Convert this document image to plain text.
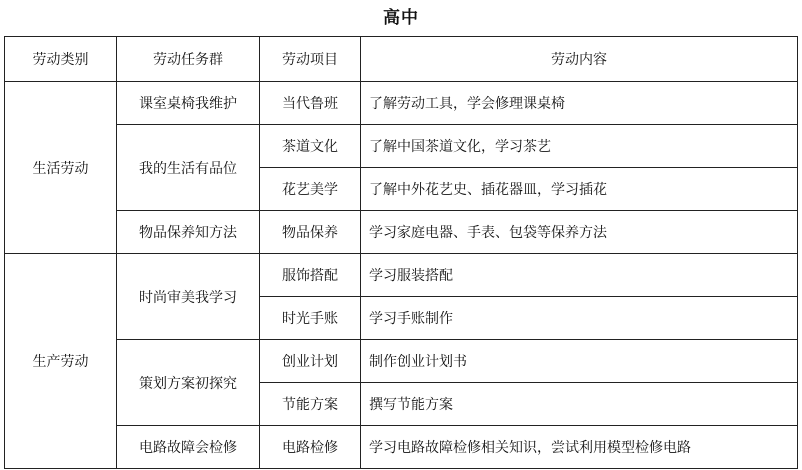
高中
劳动类别	劳动任务群	劳动项目	劳动内容
生活劳动	课室桌椅我维护	当代鲁班	了解劳动工具，学会修理课桌椅
	我的生活有品位	茶道文化	了解中国茶道文化，学习茶艺
		花艺美学	了解中外花艺史、插花器皿，学习插花
	物品保养知方法	物品保养	学习家庭电器、手表、包袋等保养方法
生产劳动	时尚审美我学习	服饰搭配	学习服装搭配
		时光手账	学习手账制作
	策划方案初探究	创业计划	制作创业计划书
		节能方案	撰写节能方案
	电路故障会检修	电路检修	学习电路故障检修相关知识，尝试利用模型检修电路
